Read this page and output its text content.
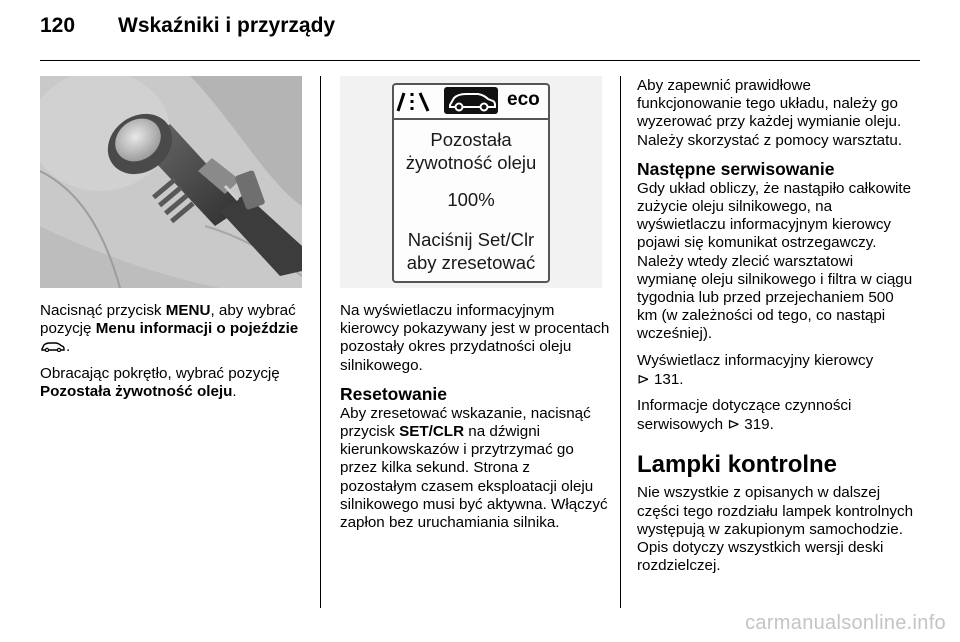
120 Wskaźniki i przyrządy
eco
Pozostała
żywotność oleju
100%
Naciśnij Set/Clr
aby zresetować

Nacisnąć przycisk MENU, aby wybrać pozycję Menu informacji o pojeździe .

Obracając pokrętło, wybrać pozycję Pozostała żywotność oleju.

Na wyświetlaczu informacyjnym kierowcy pokazywany jest w procentach pozostały okres przydatności oleju silnikowego.

Resetowanie

Aby zresetować wskazanie, nacisnąć przycisk SET/CLR na dźwigni kierunkowskazów i przytrzymać go przez kilka sekund. Strona z pozostałym czasem eksploatacji oleju silnikowego musi być aktywna. Włączyć zapłon bez uruchamiania silnika.

Aby zapewnić prawidłowe funkcjonowanie tego układu, należy go wyzerować przy każdej wymianie oleju. Należy skorzystać z pomocy warsztatu.

Następne serwisowanie

Gdy układ obliczy, że nastąpiło całkowite zużycie oleju silnikowego, na wyświetlaczu informacyjnym kierowcy pojawi się komunikat ostrzegawczy. Należy wtedy zlecić warsztatowi wymianę oleju silnikowego i filtra w ciągu tygodnia lub przed przejechaniem 500 km (w zależności od tego, co nastąpi wcześniej).

Wyświetlacz informacyjny kierowcy
⊳ 131.

Informacje dotyczące czynności serwisowych ⊳ 319.

Lampki kontrolne

Nie wszystkie z opisanych w dalszej części tego rozdziału lampek kontrolnych występują w zakupionym samochodzie. Opis dotyczy wszystkich wersji deski rozdzielczej.

carmanualsonline.info
